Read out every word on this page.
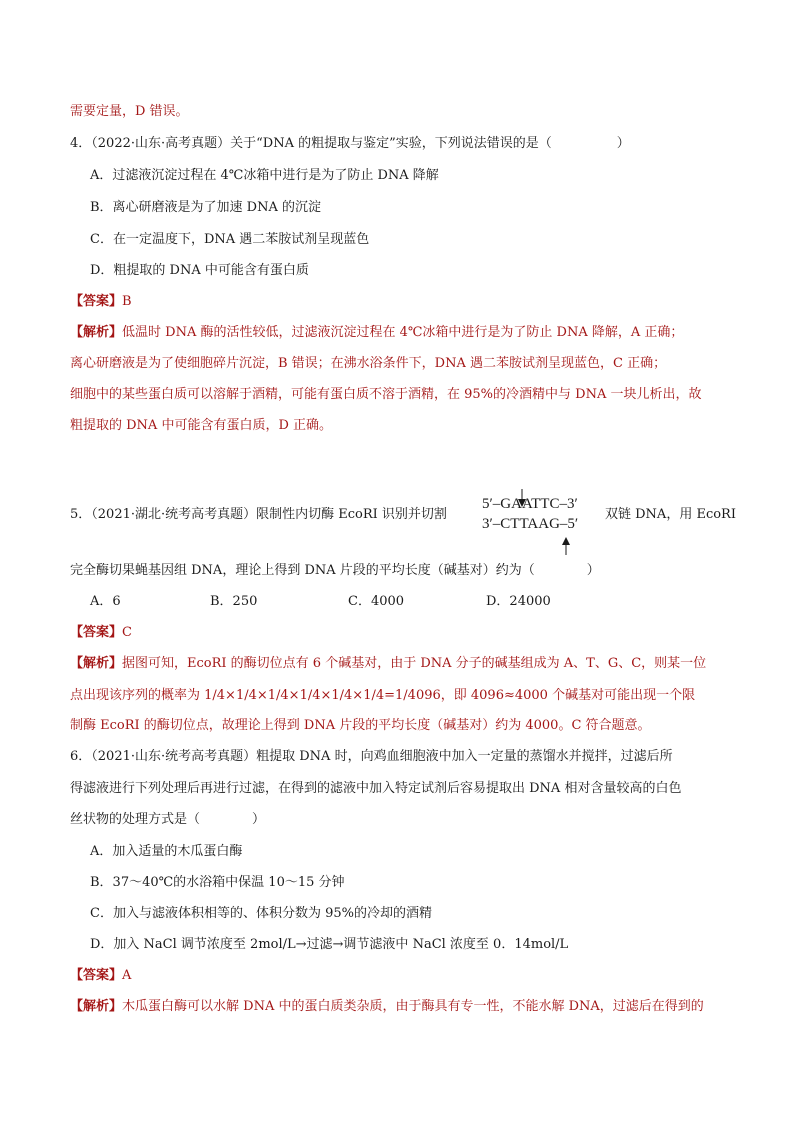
需要定量，D 错误。
4．（2022·山东·高考真题）关于“DNA 的粗提取与鉴定”实验，下列说法错误的是（　　　　　）
A．过滤液沉淀过程在 4℃冰箱中进行是为了防止 DNA 降解
B．离心研磨液是为了加速 DNA 的沉淀
C．在一定温度下，DNA 遇二苯胺试剂呈现蓝色
D．粗提取的 DNA 中可能含有蛋白质
【答案】B
【解析】低温时 DNA 酶的活性较低，过滤液沉淀过程在 4℃冰箱中进行是为了防止 DNA 降解，A 正确；
离心研磨液是为了使细胞碎片沉淀，B 错误；在沸水浴条件下，DNA 遇二苯胺试剂呈现蓝色，C 正确；
细胞中的某些蛋白质可以溶解于酒精，可能有蛋白质不溶于酒精，在 95%的冷酒精中与 DNA 一块儿析出，故
粗提取的 DNA 中可能含有蛋白质，D 正确。
5．（2021·湖北·统考高考真题）限制性内切酶 EcoRI 识别并切割
5′–GAATTC–3′
3′–CTTAAG–5′
双链 DNA，用 EcoRI
完全酶切果蝇基因组 DNA，理论上得到 DNA 片段的平均长度（碱基对）约为（　　　　）
A．6	B．250	C．4000	D．24000
【答案】C
【解析】据图可知，EcoRI 的酶切位点有 6 个碱基对，由于 DNA 分子的碱基组成为 A、T、G、C，则某一位
点出现该序列的概率为 1/4×1/4×1/4×1/4×1/4×1/4=1/4096，即 4096≈4000 个碱基对可能出现一个限
制酶 EcoRI 的酶切位点，故理论上得到 DNA 片段的平均长度（碱基对）约为 4000。C 符合题意。
6．（2021·山东·统考高考真题）粗提取 DNA 时，向鸡血细胞液中加入一定量的蒸馏水并搅拌，过滤后所
得滤液进行下列处理后再进行过滤，在得到的滤液中加入特定试剂后容易提取出 DNA 相对含量较高的白色
丝状物的处理方式是（　　　　）
A．加入适量的木瓜蛋白酶
B．37～40℃的水浴箱中保温 10～15 分钟
C．加入与滤液体积相等的、体积分数为 95%的冷却的酒精
D．加入 NaCl 调节浓度至 2mol/L→过滤→调节滤液中 NaCl 浓度至 0．14mol/L
【答案】A
【解析】木瓜蛋白酶可以水解 DNA 中的蛋白质类杂质，由于酶具有专一性，不能水解 DNA，过滤后在得到的
